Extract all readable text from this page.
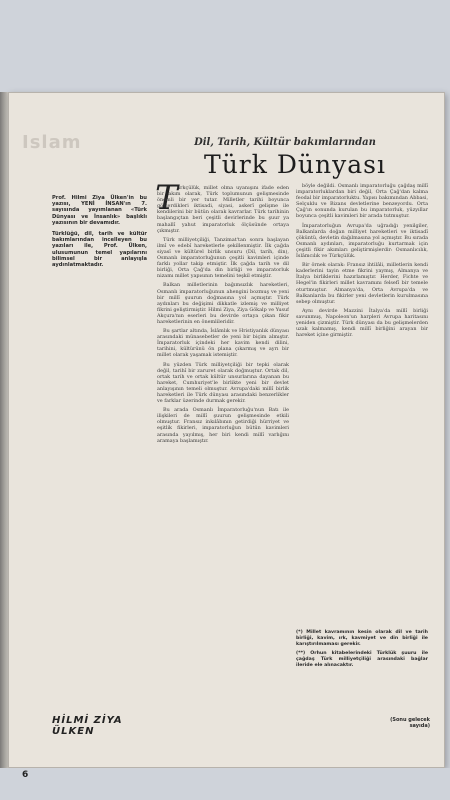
Islam	Dil, Tarih, Kültür bakımlarından
Türk Dünyası

Prof. Hilmi Ziya Ülken'in bu yazısı, YENİ İNSAN'ın 7. sayısında yayımlanan «Türk Dünyası ve İnsanlık» başlıklı yazısının bir devamıdır.

Türklüğü, dil, tarih ve kültür bakımlarından incelleyen bu yazıları ile, Prof. Ülken, ulusumunun temel yapılarını bilimsel bir anlayışla aydınlatmaktadır.

T ürkçülük, millet olma uyanışını ifade eden bir akım olarak, Türk toplumunun gelişmesinde önemli bir yer tutar. Milletler tarihi boyunca gösterdikleri iktisadi, siyasi, askerî gelişme ile kendilerini bir bütün olarak kavrarlar. Türk tarihinin başlangıçtan beri çeşitli devirlerinde bu şuur ya mahallî yahut imparatorluk ölçüsünde ortaya çıkmıştır.

Türk milliyetçiliği, Tanzimat'tan sonra başlayan ilmî ve edebî hareketlerle şekillenmiştir. İlk çağda siyasî ve kültürel birlik unsuru (Dil, tarih, din), Osmanlı imparatorluğunun çeşitli kavimleri içinde farklı yollar takip etmiştir. İlk çağda tarih ve dil birliği, Orta Çağ'da din birliği ve imparatorluk nizamı millet yapısının temelini teşkil etmiştir.

Balkan milletlerinin bağımsızlık hareketleri, Osmanlı imparatorluğunun ahengini bozmuş ve yeni bir millî şuurun doğmasına yol açmıştır. Türk aydınları bu değişimi dikkatle izlemiş ve milliyet fikrini geliştirmiştir. Hilmi Ziya, Ziya Gökalp ve Yusuf Akçura'nın eserleri bu devirde ortaya çıkan fikir hareketlerinin en önemlileridir.

Bu şartlar altında, İslâmlık ve Hristiyanlık dünyası arasındaki münasebetler de yeni bir biçim almıştır. İmparatorluk içindeki her kavim kendi dilini, tarihini, kültürünü ön plana çıkarmış ve ayrı bir millet olarak yaşamak istemiştir.

Bu yüzden Türk milliyetçiliği bir tepki olarak değil, tarihî bir zaruret olarak doğmuştur. Ortak dil, ortak tarih ve ortak kültür unsurlarına dayanan bu hareket, Cumhuriyet'le birlikte yeni bir devlet anlayışının temeli olmuştur. Avrupa'daki millî birlik hareketleri ile Türk dünyası arasındaki benzerlikler ve farklar üzerinde durmak gerekir.

Bu arada Osmanlı İmparatorluğu'nun Batı ile ilişkileri de millî şuurun gelişmesinde etkili olmuştur. Fransız inkılâbının getirdiği hürriyet ve eşitlik fikirleri, imparatorluğun bütün kavimleri arasında yayılmış, her biri kendi millî varlığını aramaya başlamıştır.

böyle değildi. Osmanlı imparatorluğu çağdaş millî imparatorluklardan biri değil, Orta Çağ'dan kalma feodal bir imparatorluktu. Yapısı bakımından Abbasi, Selçuklu ve Bizans devletlerine benzeyordu. Orta Çağ'ın sonunda kurulan bu imparatorluk, yüzyıllar boyunca çeşitli kavimleri bir arada tutmuştur.

İmparatorluğun Avrupa'da uğradığı yenilgiler, Balkanlarda doğan milliyet hareketleri ve iktisadî çöküntü, devletin dağılmasına yol açmıştır. Bu sırada Osmanlı aydınları, imparatorluğu kurtarmak için çeşitli fikir akımları geliştirmişlerdir: Osmanlıcılık, İslâmcılık ve Türkçülük.

Bir örnek olarak: Fransız ihtilâli, milletlerin kendi kaderlerini tayin etme fikrini yaymış, Almanya ve İtalya birliklerini hazırlamıştır. Herder, Fichte ve Hegel'in fikirleri millet kavramını felsefî bir temele oturtmuştur. Almanya'da, Orta Avrupa'da ve Balkanlarda bu fikirler yeni devletlerin kurulmasına sebep olmuştur.

Aynı devirde Mazzini İtalya'da millî birliği savunmuş, Napoleon'un harpleri Avrupa haritasını yeniden çizmiştir. Türk dünyası da bu gelişmelerden uzak kalmamış, kendi millî birliğini arayan bir hareket içine girmiştir.

(*) Millet kavramının kesin olarak dil ve tarih birliği, kavim, ırk, kavmiyet ve din birliği ile karıştırılmaması gerekir.

(**) Orhun kitabelerindeki Türklük şuuru ile çağdaş Türk milliyetçiliği arasındaki bağlar ileride ele alınacaktır.

(Sonu gelecek sayıda)
HİLMİ ZİYA ÜLKEN
6
